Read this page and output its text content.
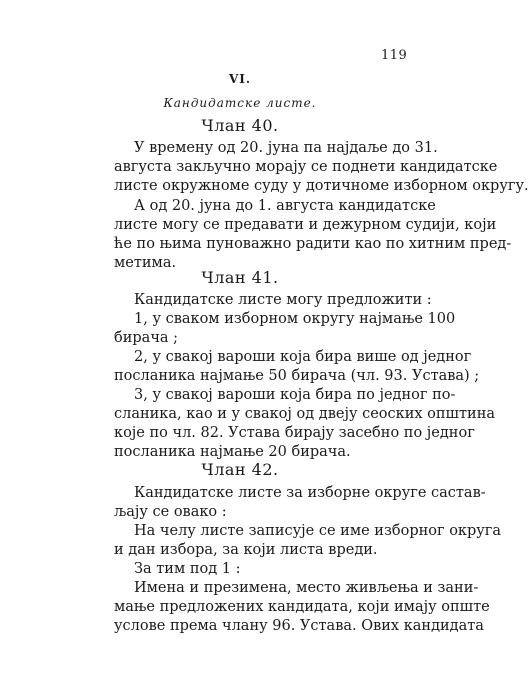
119
VI.
Кандидатске листе.
Члан 40.
У времену од 20. јуна па најдаље до 31.
августа закључно морају се поднети кандидатске
листе окружноме суду у дотичноме изборном округу.
А од 20. јуна до 1. августа кандидатске
листе могу се предавати и дежурном судији, који
ће по њима пуноважно радити као по хитним пред-
метима.
Члан 41.
Кандидатске листе могу предложити :
1, у сваком изборном округу најмање 100
бирача ;
2, у свакој вароши која бира више од једног
посланика најмање 50 бирача (чл. 93. Устава) ;
3, у свакој вароши која бира по једног по-
сланика, као и у свакој од двеју сеоских општина
које по чл. 82. Устава бирају засебно по једног
посланика најмање 20 бирача.
Члан 42.
Кандидатске листе за изборне округе састав-
љају се овако :
На челу листе записује се име изборног округа
и дан избора, за који листа вреди.
За тим под 1 :
Имена и презимена, место живљења и зани-
мање предложених кандидата, који имају опште
услове према члану 96. Устава. Овиx кандидата
